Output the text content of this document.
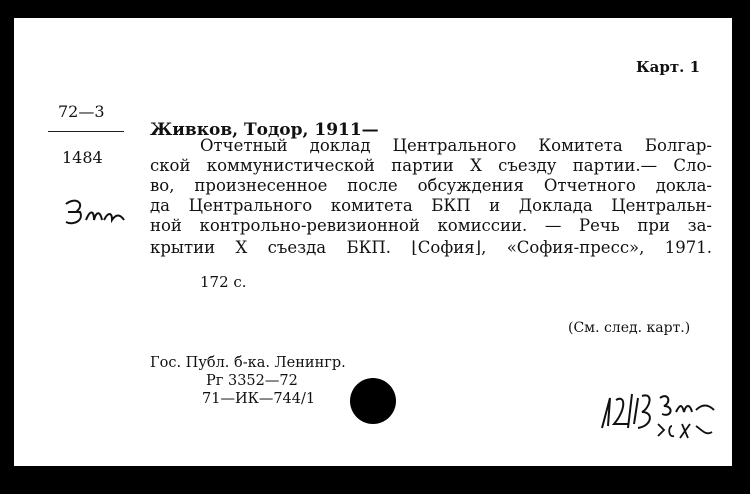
Карт. 1
72—3
1484
Живков, Тодор, 1911—
Отчетный доклад Центрального Комитета Болгар-
ской коммунистической партии X съезду партии.— Сло-
во, произнесенное после обсуждения Отчетного докла-
да Центрального комитета БКП и Доклада Центральн-
ной контрольно-ревизионной комиссии. — Речь при за-
крытии X съезда БКП. ⌊София⌋, «София-пресс», 1971.
172 с.
(См. след. карт.)
Гос. Публ. б-ка. Ленингр.
Рг 3352—72
71—ИК—744/1
